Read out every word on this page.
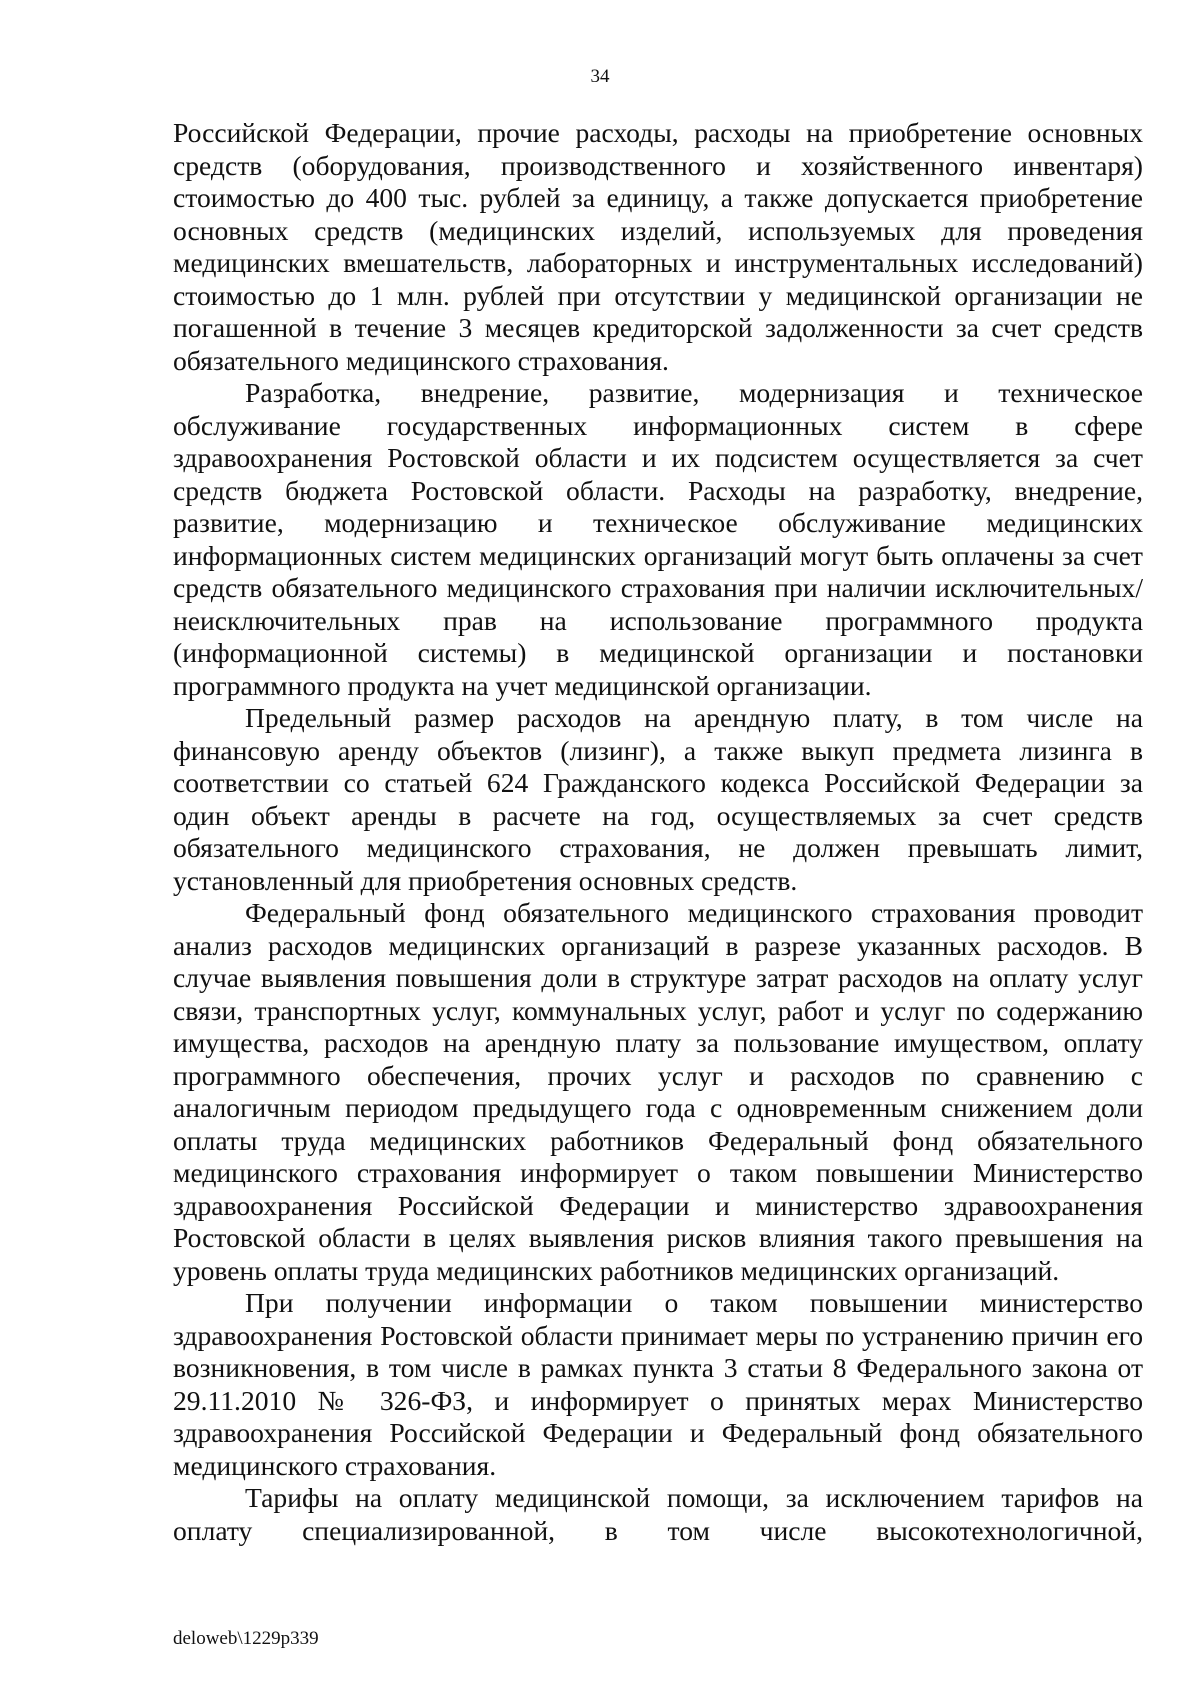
34

Российской Федерации, прочие расходы, расходы на приобретение основных средств (оборудования, производственного и хозяйственного инвентаря) стоимостью до 400 тыс. рублей за единицу, а также допускается приобретение основных средств (медицинских изделий, используемых для проведения медицинских вмешательств, лабораторных и инструментальных исследований) стоимостью до 1 млн. рублей при отсутствии у медицинской организации не погашенной в течение 3 месяцев кредиторской задолженности за счет средств обязательного медицинского страхования.

Разработка, внедрение, развитие, модернизация и техническое обслуживание государственных информационных систем в сфере здравоохранения Ростовской области и их подсистем осуществляется за счет средств бюджета Ростовской области. Расходы на разработку, внедрение, развитие, модернизацию и техническое обслуживание медицинских информационных систем медицинских организаций могут быть оплачены за счет средств обязательного медицинского страхования при наличии исключительных/неисключительных прав на использование программного продукта (информационной системы) в медицинской организации и постановки программного продукта на учет медицинской организации.

Предельный размер расходов на арендную плату, в том числе на финансовую аренду объектов (лизинг), а также выкуп предмета лизинга в соответствии со статьей 624 Гражданского кодекса Российской Федерации за один объект аренды в расчете на год, осуществляемых за счет средств обязательного медицинского страхования, не должен превышать лимит, установленный для приобретения основных средств.

Федеральный фонд обязательного медицинского страхования проводит анализ расходов медицинских организаций в разрезе указанных расходов. В случае выявления повышения доли в структуре затрат расходов на оплату услуг связи, транспортных услуг, коммунальных услуг, работ и услуг по содержанию имущества, расходов на арендную плату за пользование имуществом, оплату программного обеспечения, прочих услуг и расходов по сравнению с аналогичным периодом предыдущего года с одновременным снижением доли оплаты труда медицинских работников Федеральный фонд обязательного медицинского страхования информирует о таком повышении Министерство здравоохранения Российской Федерации и министерство здравоохранения Ростовской области в целях выявления рисков влияния такого превышения на уровень оплаты труда медицинских работников медицинских организаций.

При получении информации о таком повышении министерство здравоохранения Ростовской области принимает меры по устранению причин его возникновения, в том числе в рамках пункта 3 статьи 8 Федерального закона от 29.11.2010 № 326-ФЗ, и информирует о принятых мерах Министерство здравоохранения Российской Федерации и Федеральный фонд обязательного медицинского страхования.

Тарифы на оплату медицинской помощи, за исключением тарифов на оплату специализированной, в том числе высокотехнологичной,

deloweb\1229p339
